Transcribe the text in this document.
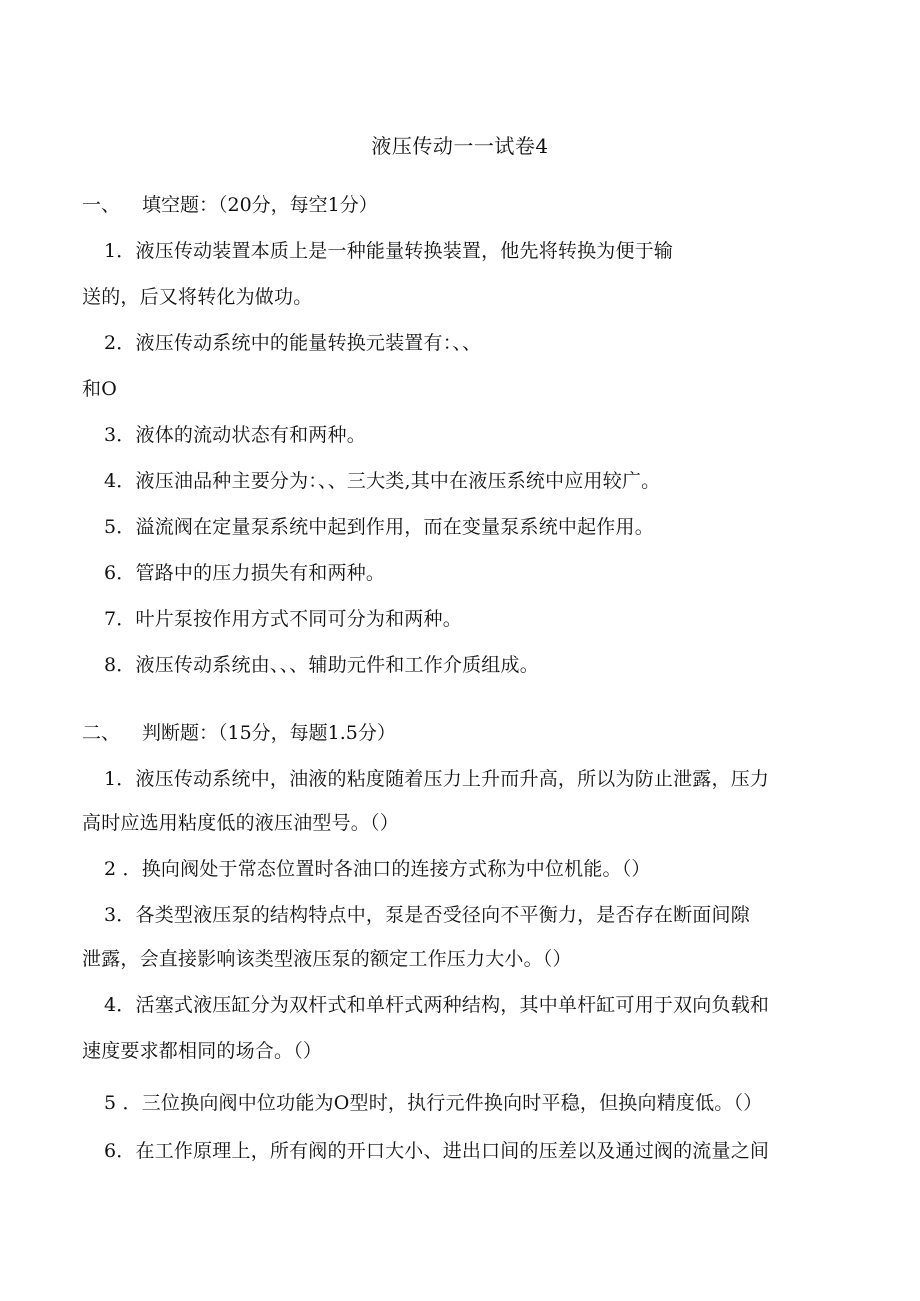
液压传动一一试卷4
一、 填空题：（20分，每空1分）
1．液压传动装置本质上是一种能量转换装置，他先将转换为便于输
送的，后又将转化为做功。
2．液压传动系统中的能量转换元装置有：、、
和O
3．液体的流动状态有和两种。
4．液压油品种主要分为：、、三大类,其中在液压系统中应用较广。
5．溢流阀在定量泵系统中起到作用，而在变量泵系统中起作用。
6．管路中的压力损失有和两种。
7．叶片泵按作用方式不同可分为和两种。
8．液压传动系统由、、、辅助元件和工作介质组成。
二、 判断题：（15分，每题1.5分）
1．液压传动系统中，油液的粘度随着压力上升而升高，所以为防止泄露，压力
高时应选用粘度低的液压油型号。（）
2 ．换向阀处于常态位置时各油口的连接方式称为中位机能。（）
3．各类型液压泵的结构特点中，泵是否受径向不平衡力，是否存在断面间隙
泄露，会直接影响该类型液压泵的额定工作压力大小。（）
4．活塞式液压缸分为双杆式和单杆式两种结构，其中单杆缸可用于双向负载和
速度要求都相同的场合。（）
5 ．三位换向阀中位功能为O型时，执行元件换向时平稳，但换向精度低。（）
6．在工作原理上，所有阀的开口大小、进出口间的压差以及通过阀的流量之间
